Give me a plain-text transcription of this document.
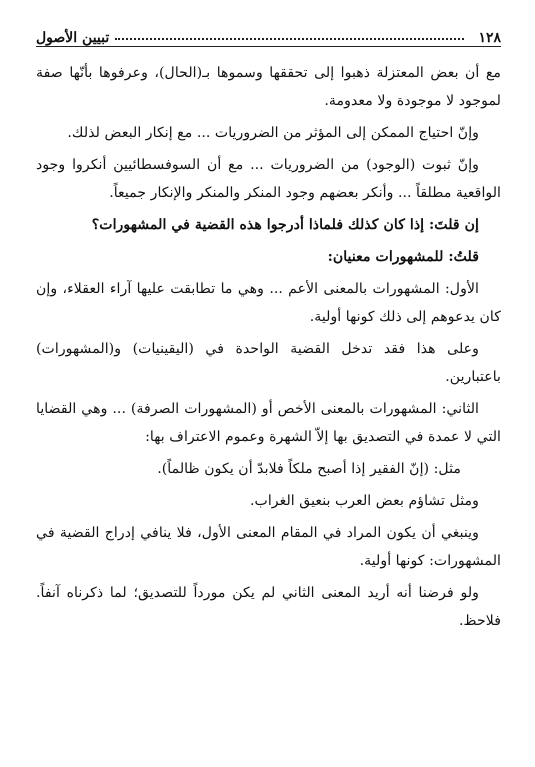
١٢٨
تبيين الأصول

مع أن بعض المعتزلة ذهبوا إلى تحققها وسموها بـ(الحال)، وعرفوها بأنّها صفة لموجود لا موجودة ولا معدومة.

وإنّ احتياج الممكن إلى المؤثر من الضروريات ... مع إنكار البعض لذلك.

وإنّ ثبوت (الوجود) من الضروريات ... مع أن السوفسطائيين أنكروا وجود الواقعية مطلقاً ... وأنكر بعضهم وجود المنكر والمنكر والإنكار جميعاً.

إن قلتَ: إذا كان كذلك فلماذا أدرجوا هذه القضية في المشهورات؟

قلتُ: للمشهورات معنيان:

الأول: المشهورات بالمعنى الأعم ... وهي ما تطابقت عليها آراء العقلاء، وإن كان يدعوهم إلى ذلك كونها أولية.

وعلى هذا فقد تدخل القضية الواحدة في (اليقينيات) و(المشهورات) باعتبارين.

الثاني: المشهورات بالمعنى الأخص أو (المشهورات الصرفة) ... وهي القضايا التي لا عمدة في التصديق بها إلاّ الشهرة وعموم الاعتراف بها:

مثل: (إنّ الفقير إذا أصبح ملكاً فلابدّ أن يكون ظالماً).

ومثل تشاؤم بعض العرب بنعيق الغراب.

وينبغي أن يكون المراد في المقام المعنى الأول، فلا ينافي إدراج القضية في المشهورات: كونها أولية.

ولو فرضنا أنه أريد المعنى الثاني لم يكن مورداً للتصديق؛ لما ذكرناه آنفاً. فلاحظ.
